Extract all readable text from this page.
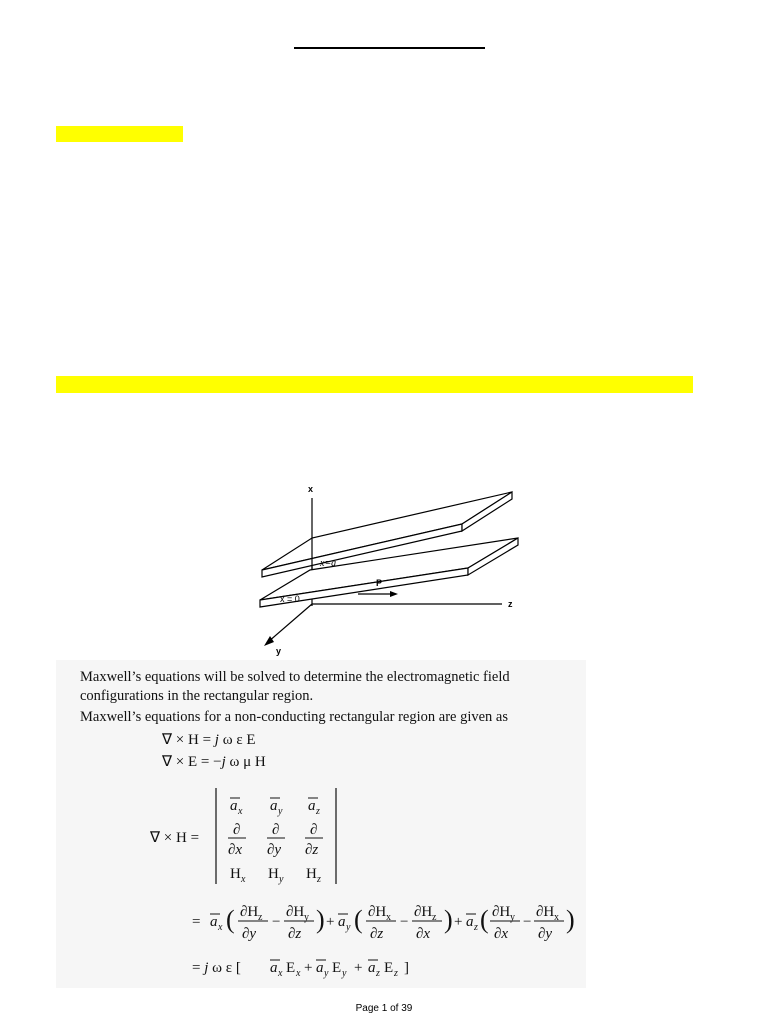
x
z
y
x=a
x = 0
P
Maxwell’s equations will be solved to determine the electromagnetic field
configurations in the rectangular region.
Maxwell’s equations for a non-conducting rectangular region are given as
∇ × H = j ω ε E
∇ × E = −j ω μ H
∇ × H =
a x a y a z
∂
∂x
∂
∂y
∂
∂z
H x H y H z
= a x ( ∂H z
∂y
−
∂H y
∂z ) + a y ( ∂H x
∂z
−
∂H z
∂x ) + a z ( ∂H y
∂x
−
∂H x
∂y )
= j ω ε [ a x E x + a y E y + a z E z ]
Page 1 of 39
